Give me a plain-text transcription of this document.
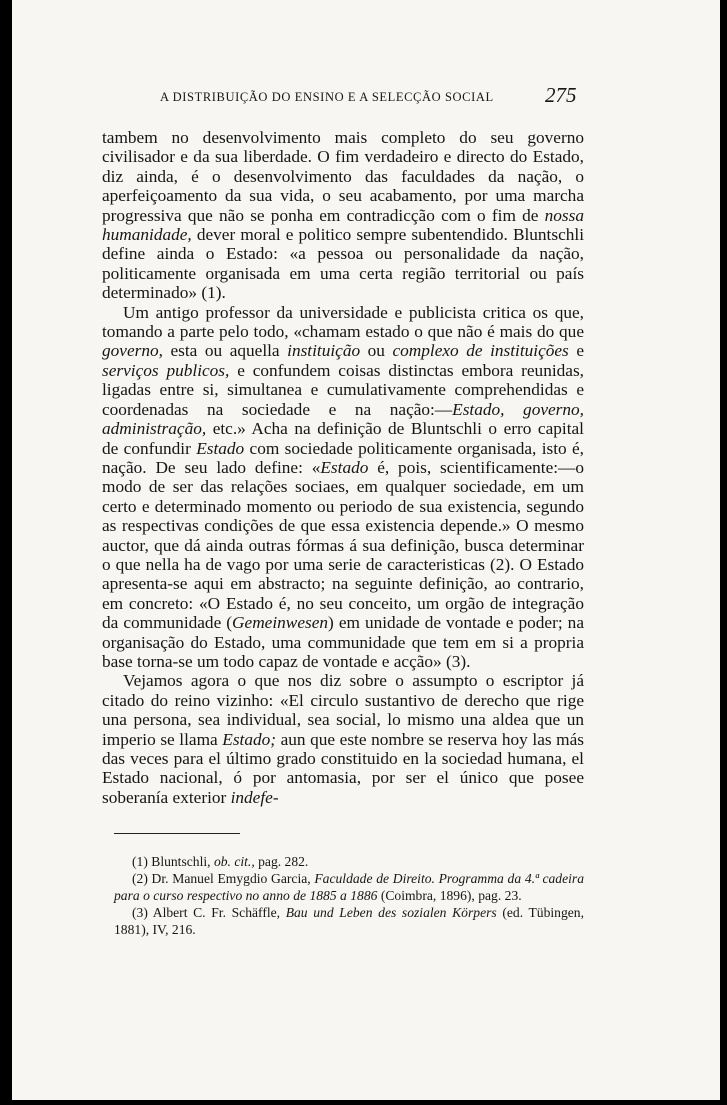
A DISTRIBUIÇÃO DO ENSINO E A SELECÇÃO SOCIAL	275

tambem no desenvolvimento mais completo do seu governo civilisador e da sua liberdade. O fim verdadeiro e directo do Estado, diz ainda, é o desenvolvimento das faculdades da nação, o aperfeiçoamento da sua vida, o seu acabamento, por uma marcha progressiva que não se ponha em contradicção com o fim de nossa humanidade, dever moral e politico sempre subentendido. Bluntschli define ainda o Estado: «a pessoa ou personalidade da nação, politicamente organisada em uma certa região territorial ou país determinado» (1).

Um antigo professor da universidade e publicista critica os que, tomando a parte pelo todo, «chamam estado o que não é mais do que governo, esta ou aquella instituição ou complexo de instituições e serviços publicos, e confundem coisas distinctas embora reunidas, ligadas entre si, simultanea e cumulativamente comprehendidas e coordenadas na sociedade e na nação:—Estado, governo, administração, etc.» Acha na definição de Bluntschli o erro capital de confundir Estado com sociedade politicamente organisada, isto é, nação. De seu lado define: «Estado é, pois, scientificamente:—o modo de ser das relações sociaes, em qualquer sociedade, em um certo e determinado momento ou periodo de sua existencia, segundo as respectivas condições de que essa existencia depende.» O mesmo auctor, que dá ainda outras fórmas á sua definição, busca determinar o que nella ha de vago por uma serie de caracteristicas (2). O Estado apresenta-se aqui em abstracto; na seguinte definição, ao contrario, em concreto: «O Estado é, no seu conceito, um orgão de integração da communidade (Gemeinwesen) em unidade de vontade e poder; na organisação do Estado, uma communidade que tem em si a propria base torna-se um todo capaz de vontade e acção» (3).

Vejamos agora o que nos diz sobre o assumpto o escriptor já citado do reino vizinho: «El circulo sustantivo de derecho que rige una persona, sea individual, sea social, lo mismo una aldea que un imperio se llama Estado; aun que este nombre se reserva hoy las más das veces para el último grado constituido en la sociedad humana, el Estado nacional, ó por antomasia, por ser el único que posee soberanía exterior indefe-

(1) Bluntschli, ob. cit., pag. 282.

(2) Dr. Manuel Emygdio Garcia, Faculdade de Direito. Programma da 4.ª cadeira para o curso respectivo no anno de 1885 a 1886 (Coimbra, 1896), pag. 23.

(3) Albert C. Fr. Schäffle, Bau und Leben des sozialen Körpers (ed. Tübingen, 1881), IV, 216.
